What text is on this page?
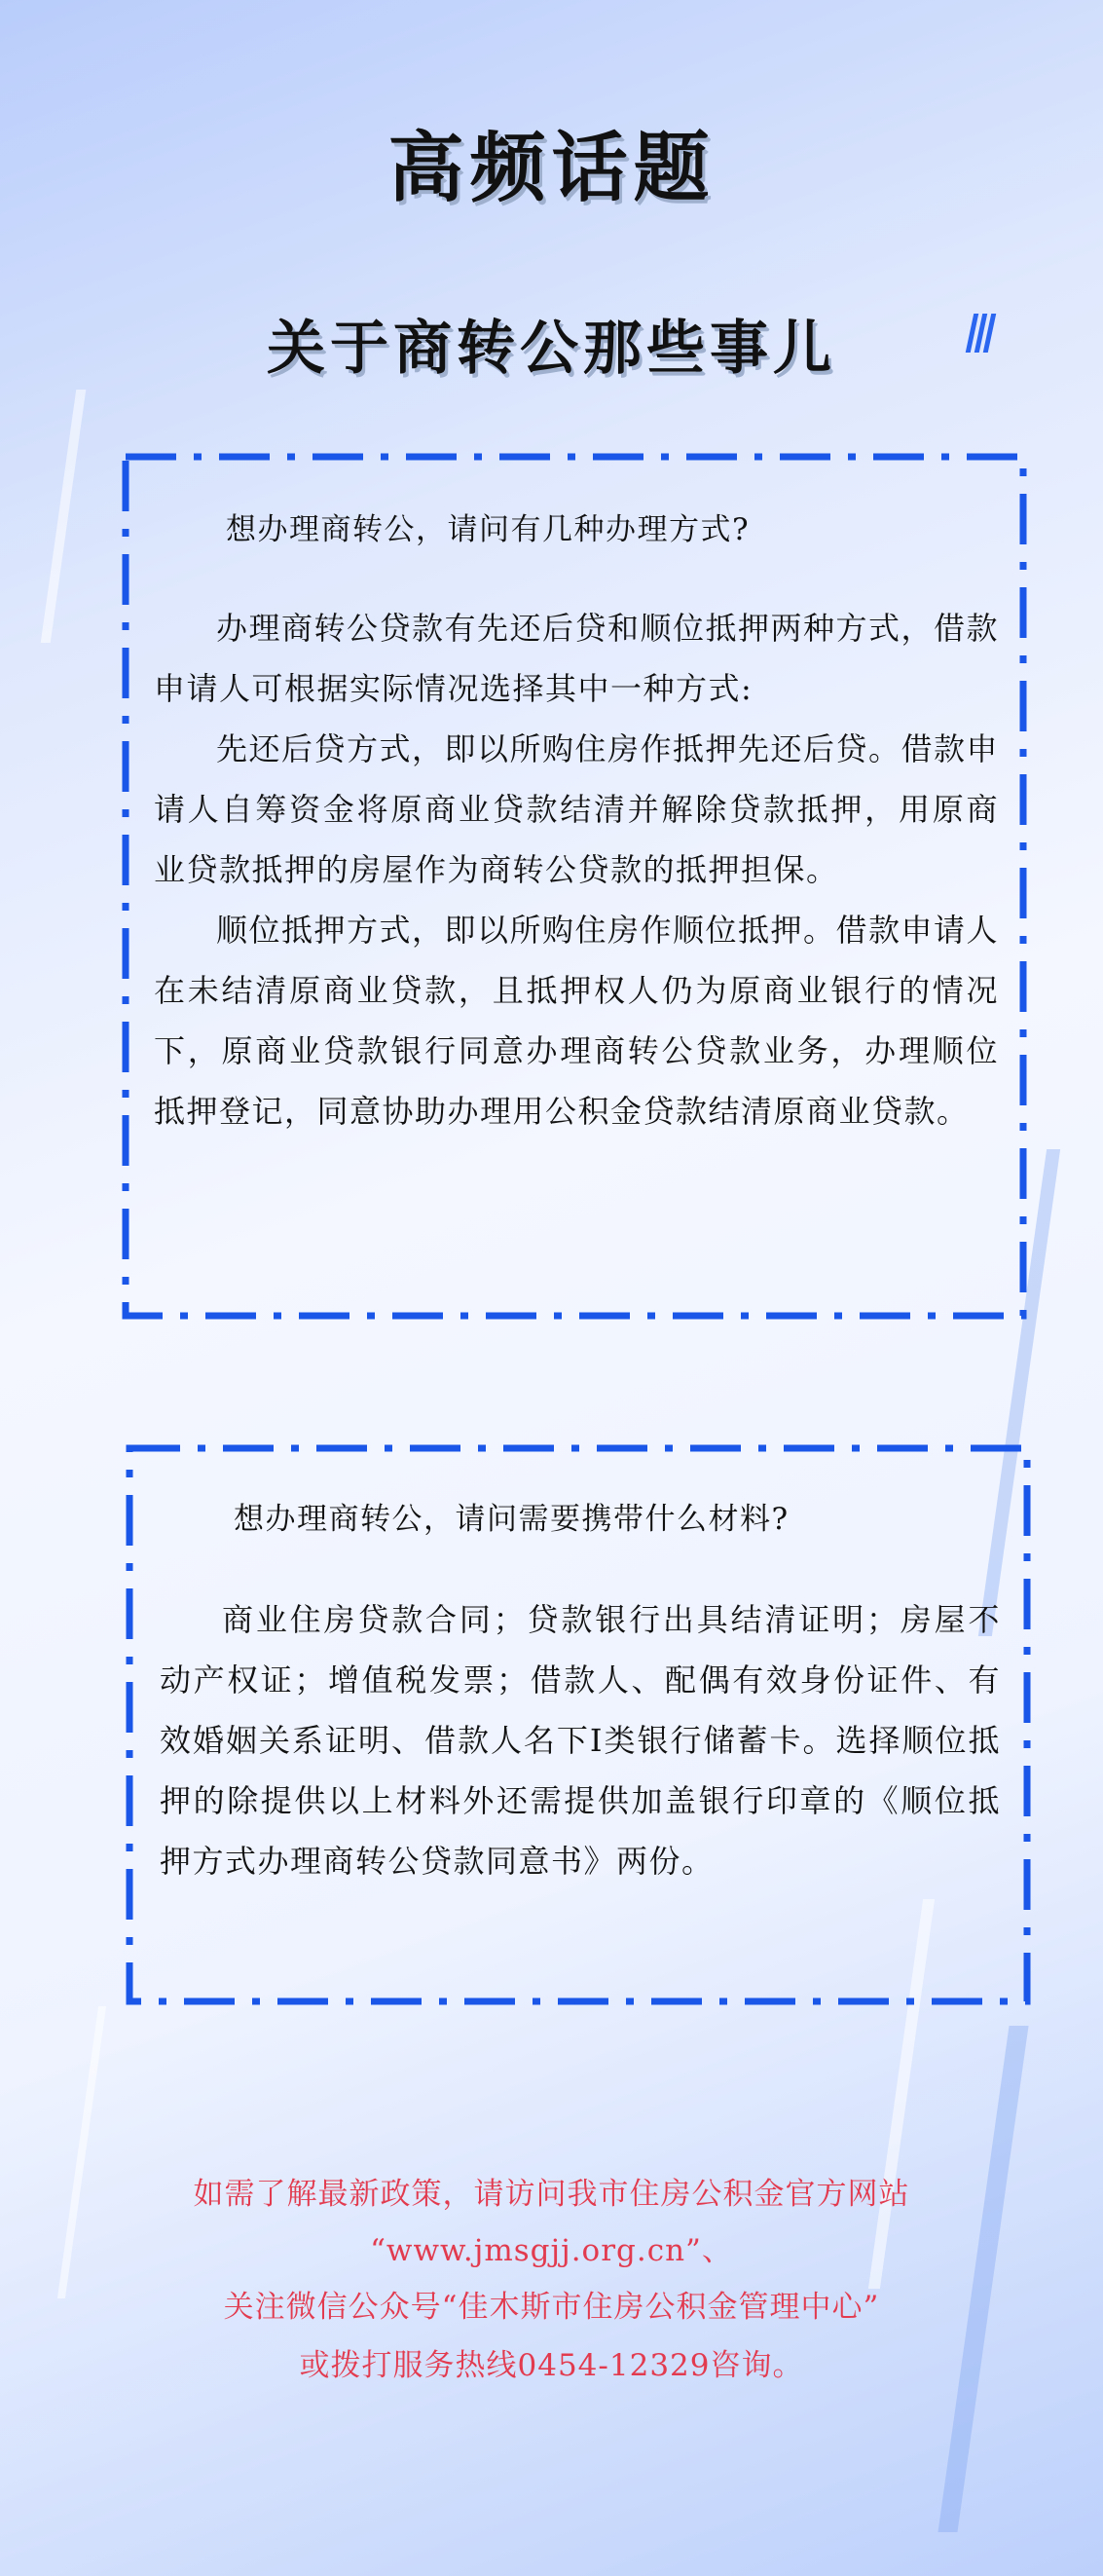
高频话题
关于商转公那些事儿
想办理商转公，请问有几种办理方式?

办理商转公贷款有先还后贷和顺位抵押两种方式，借款申请人可根据实际情况选择其中一种方式:

先还后贷方式，即以所购住房作抵押先还后贷。借款申请人自筹资金将原商业贷款结清并解除贷款抵押，用原商业贷款抵押的房屋作为商转公贷款的抵押担保。

顺位抵押方式，即以所购住房作顺位抵押。借款申请人在未结清原商业贷款，且抵押权人仍为原商业银行的情况下，原商业贷款银行同意办理商转公贷款业务，办理顺位抵押登记，同意协助办理用公积金贷款结清原商业贷款。

想办理商转公，请问需要携带什么材料?

商业住房贷款合同；贷款银行出具结清证明；房屋不动产权证；增值税发票；借款人、配偶有效身份证件、有效婚姻关系证明、借款人名下Ⅰ类银行储蓄卡。选择顺位抵押的除提供以上材料外还需提供加盖银行印章的《顺位抵押方式办理商转公贷款同意书》两份。

如需了解最新政策，请访问我市住房公积金官方网站
“www.jmsgjj.org.cn”、
关注微信公众号“佳木斯市住房公积金管理中心”
或拨打服务热线0454-12329咨询。
